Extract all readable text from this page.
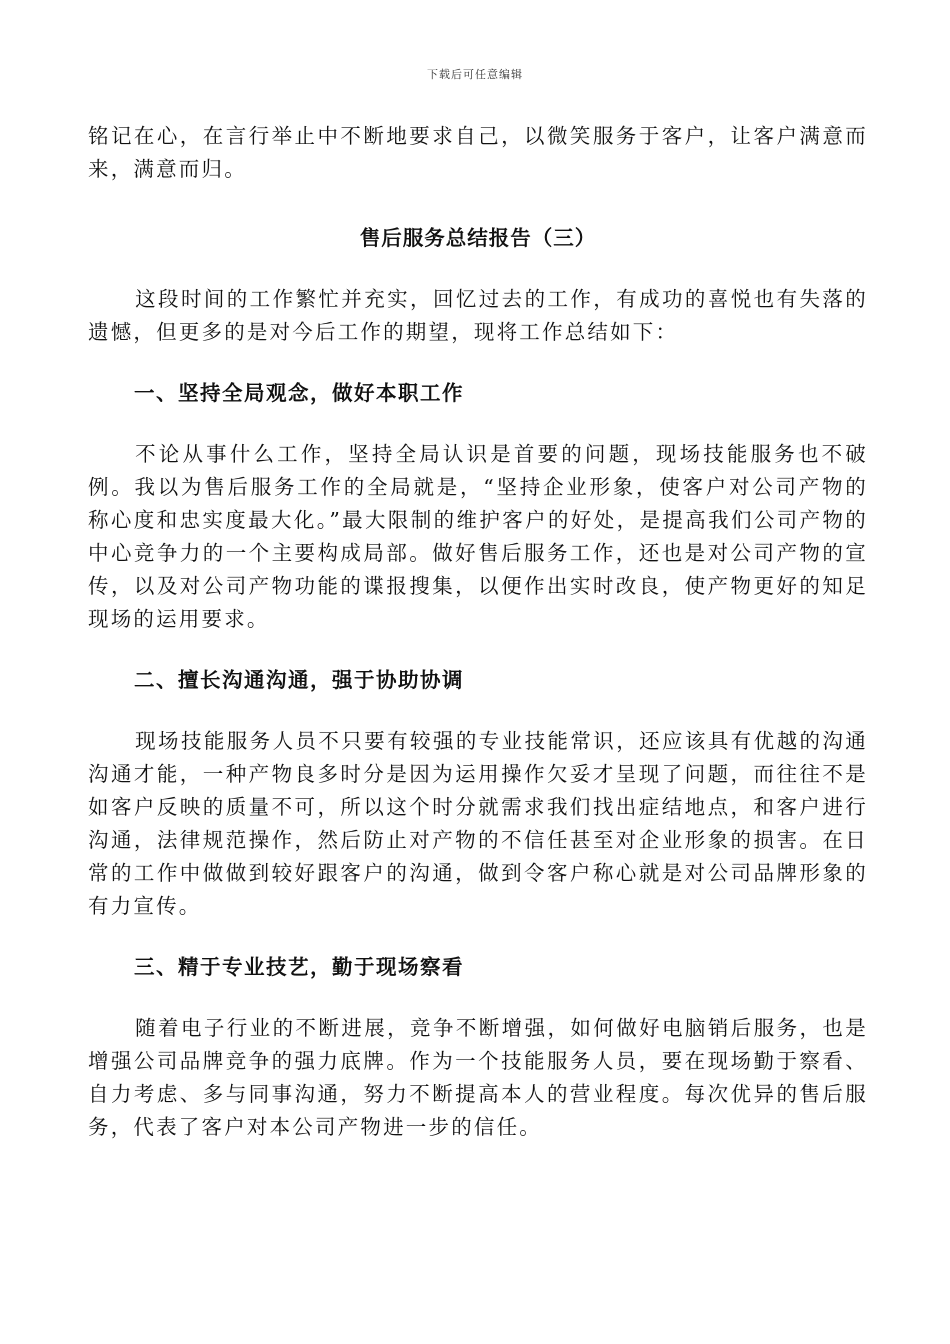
下载后可任意编辑

铭记在心，在言行举止中不断地要求自己，以微笑服务于客户，让客户满意而来，满意而归。

售后服务总结报告（三）

这段时间的工作繁忙并充实，回忆过去的工作，有成功的喜悦也有失落的遗憾，但更多的是对今后工作的期望，现将工作总结如下：

一、坚持全局观念，做好本职工作

不论从事什么工作，坚持全局认识是首要的问题，现场技能服务也不破例。我以为售后服务工作的全局就是，“坚持企业形象，使客户对公司产物的称心度和忠实度最大化。”最大限制的维护客户的好处，是提高我们公司产物的中心竞争力的一个主要构成局部。做好售后服务工作，还也是对公司产物的宣传，以及对公司产物功能的谍报搜集，以便作出实时改良，使产物更好的知足现场的运用要求。

二、擅长沟通沟通，强于协助协调

现场技能服务人员不只要有较强的专业技能常识，还应该具有优越的沟通沟通才能，一种产物良多时分是因为运用操作欠妥才呈现了问题，而往往不是如客户反映的质量不可，所以这个时分就需求我们找出症结地点，和客户进行沟通，法律规范操作，然后防止对产物的不信任甚至对企业形象的损害。在日常的工作中做做到较好跟客户的沟通，做到令客户称心就是对公司品牌形象的有力宣传。

三、精于专业技艺，勤于现场察看

随着电子行业的不断进展，竞争不断增强，如何做好电脑销后服务，也是增强公司品牌竞争的强力底牌。作为一个技能服务人员，要在现场勤于察看、自力考虑、多与同事沟通，努力不断提高本人的营业程度。每次优异的售后服务，代表了客户对本公司产物进一步的信任。
